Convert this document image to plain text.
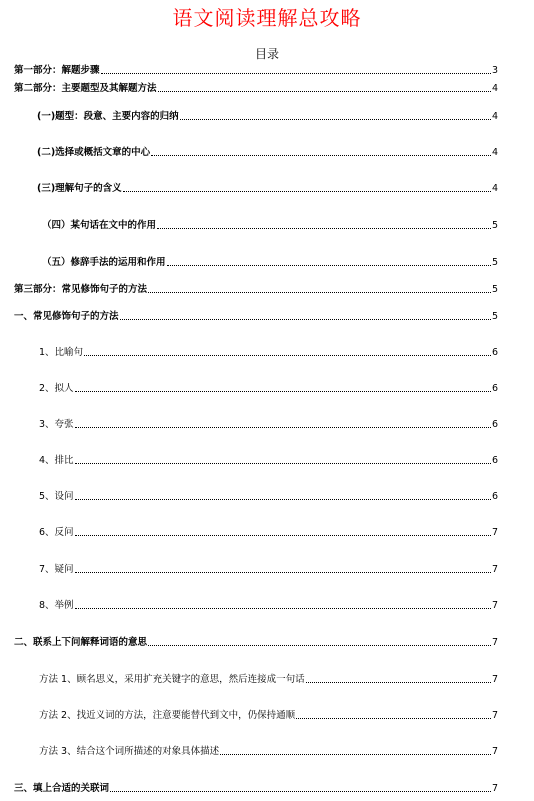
语文阅读理解总攻略
目录
第一部分：解题步骤	3
第二部分：主要题型及其解题方法	4
(一)题型：段意、主要内容的归纳	4
(二)选择或概括文章的中心	4
(三)理解句子的含义	4
（四）某句话在文中的作用	5
（五）修辞手法的运用和作用	5
第三部分：常见修饰句子的方法	5
一、常见修饰句子的方法	5
1、比喻句	6
2、拟人	6
3、夸张	6
4、排比	6
5、设问	6
6、反问	7
7、疑问	7
8、举例	7
二、联系上下问解释词语的意思	7
方法 1、顾名思义，采用扩充关键字的意思，然后连接成一句话	7
方法 2、找近义词的方法，注意要能替代到文中，仍保持通顺	7
方法 3、结合这个词所描述的对象具体描述	7
三、填上合适的关联词	7
